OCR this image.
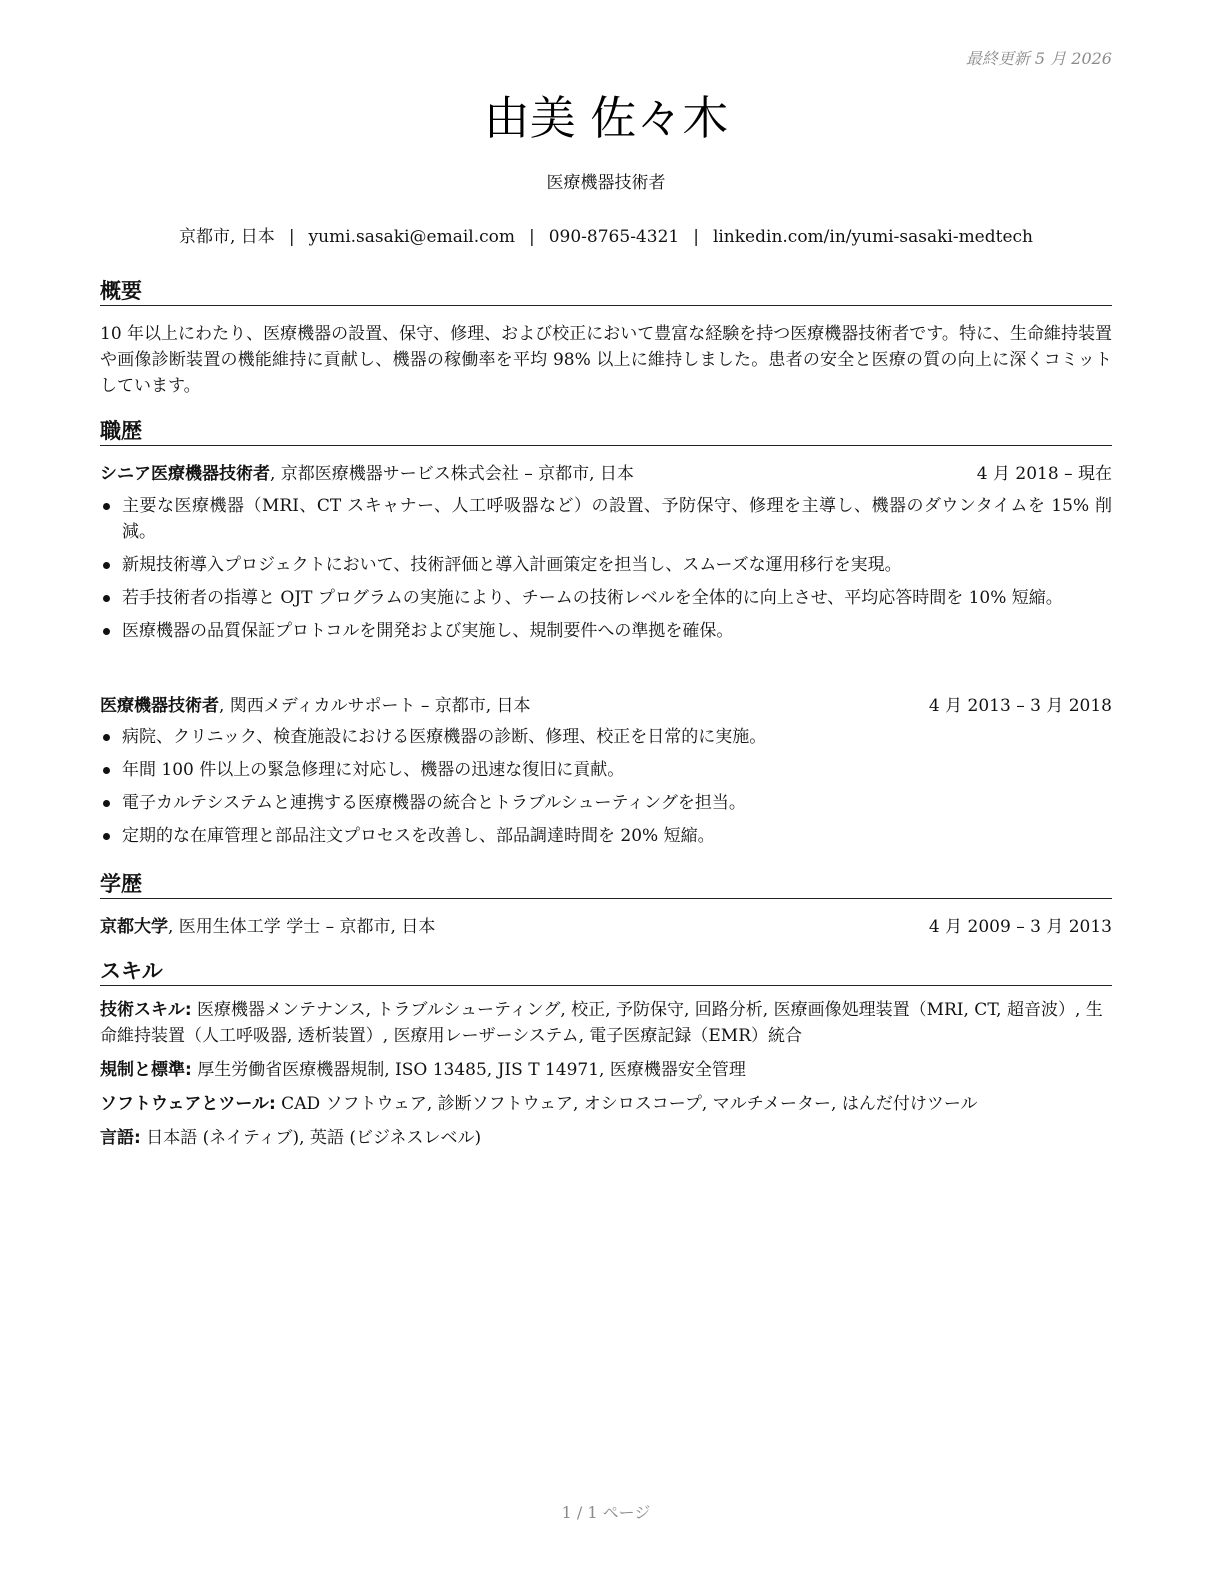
最終更新 5 月 2026
由美 佐々木
医療機器技術者
京都市, 日本 | yumi.sasaki@email.com | 090-8765-4321 | linkedin.com/in/yumi-sasaki-medtech
概要
10 年以上にわたり、医療機器の設置、保守、修理、および校正において豊富な経験を持つ医療機器技術者です。特に、生命維持装置や画像診断装置の機能維持に貢献し、機器の稼働率を平均 98% 以上に維持しました。患者の安全と医療の質の向上に深くコミットしています。
職歴
シニア医療機器技術者, 京都医療機器サービス株式会社 – 京都市, 日本	4 月 2018 – 現在
主要な医療機器（MRI、CT スキャナー、人工呼吸器など）の設置、予防保守、修理を主導し、機器のダウンタイムを 15% 削減。
新規技術導入プロジェクトにおいて、技術評価と導入計画策定を担当し、スムーズな運用移行を実現。
若手技術者の指導と OJT プログラムの実施により、チームの技術レベルを全体的に向上させ、平均応答時間を 10% 短縮。
医療機器の品質保証プロトコルを開発および実施し、規制要件への準拠を確保。
医療機器技術者, 関西メディカルサポート – 京都市, 日本	4 月 2013 – 3 月 2018
病院、クリニック、検査施設における医療機器の診断、修理、校正を日常的に実施。
年間 100 件以上の緊急修理に対応し、機器の迅速な復旧に貢献。
電子カルテシステムと連携する医療機器の統合とトラブルシューティングを担当。
定期的な在庫管理と部品注文プロセスを改善し、部品調達時間を 20% 短縮。
学歴
京都大学, 医用生体工学 学士 – 京都市, 日本	4 月 2009 – 3 月 2013
スキル
技術スキル: 医療機器メンテナンス, トラブルシューティング, 校正, 予防保守, 回路分析, 医療画像処理装置（MRI, CT, 超音波）, 生命維持装置（人工呼吸器, 透析装置）, 医療用レーザーシステム, 電子医療記録（EMR）統合
規制と標準: 厚生労働省医療機器規制, ISO 13485, JIS T 14971, 医療機器安全管理
ソフトウェアとツール: CAD ソフトウェア, 診断ソフトウェア, オシロスコープ, マルチメーター, はんだ付けツール
言語: 日本語 (ネイティブ), 英語 (ビジネスレベル)
1 / 1 ページ
